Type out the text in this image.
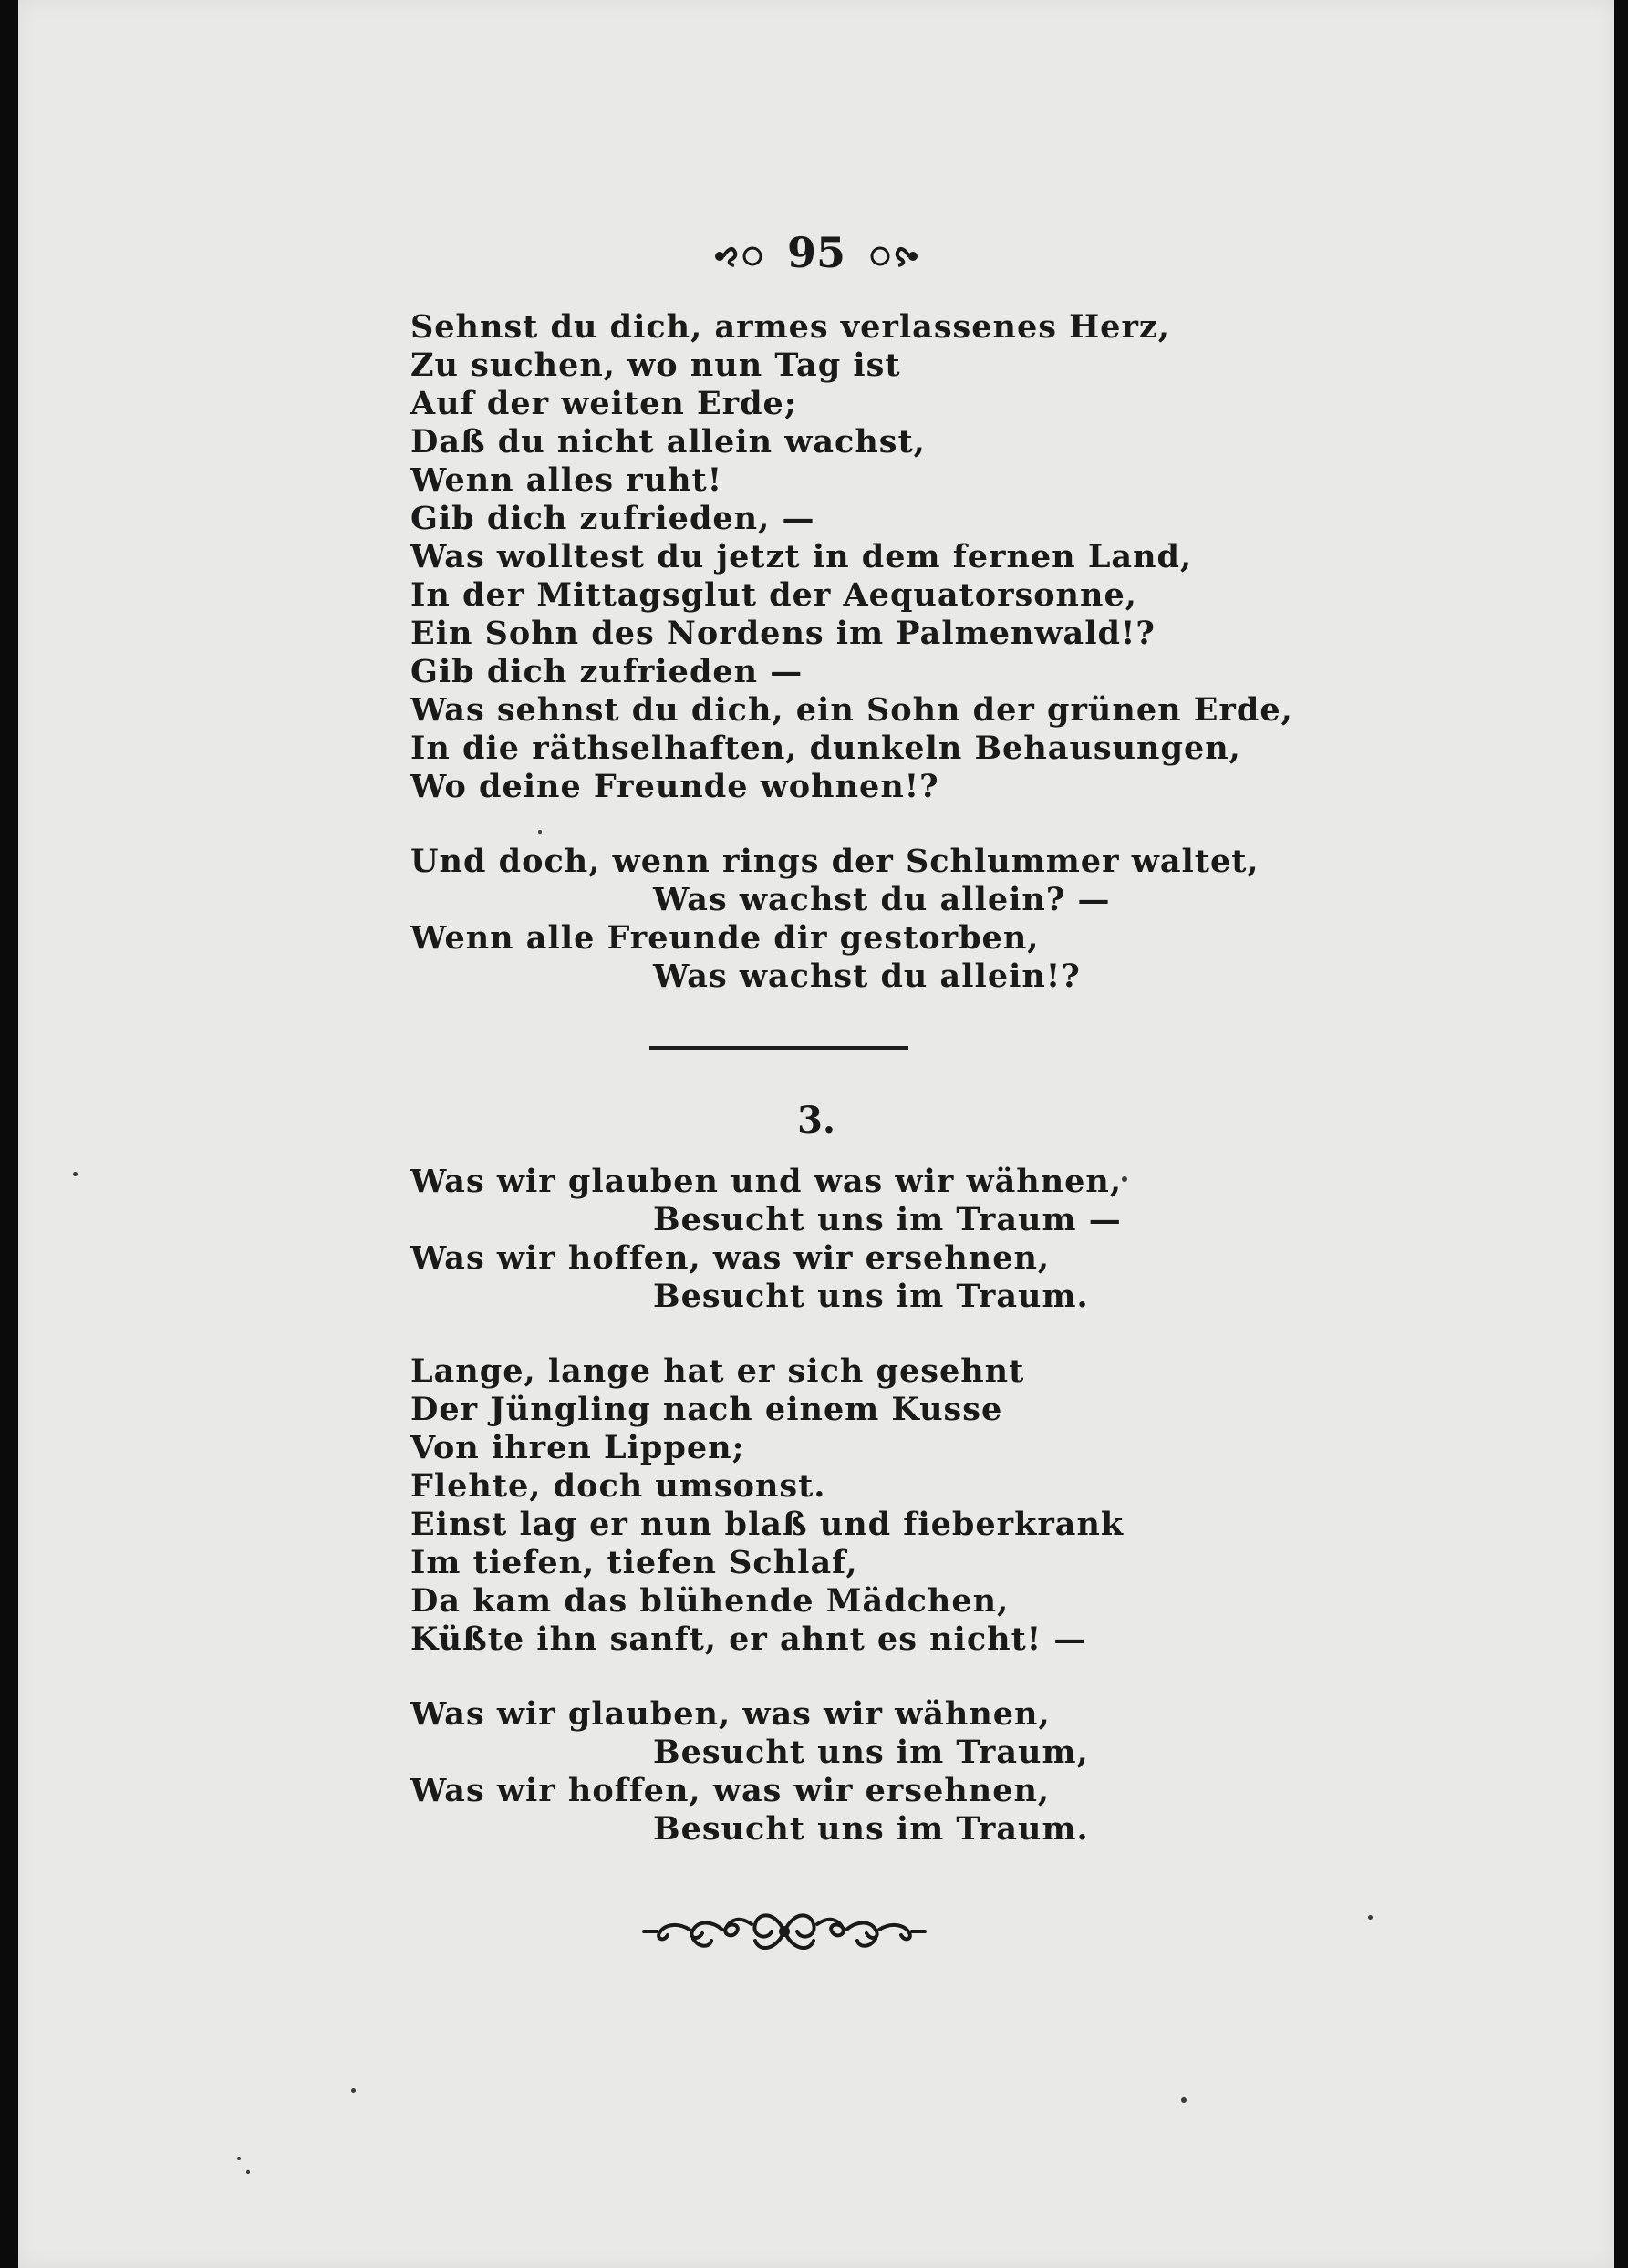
95
Sehnst du dich, armes verlassenes Herz,
Zu suchen, wo nun Tag ist
Auf der weiten Erde;
Daß du nicht allein wachst,
Wenn alles ruht!
Gib dich zufrieden, —
Was wolltest du jetzt in dem fernen Land,
In der Mittagsglut der Aequatorsonne,
Ein Sohn des Nordens im Palmenwald!?
Gib dich zufrieden —
Was sehnst du dich, ein Sohn der grünen Erde,
In die räthselhaften, dunkeln Behausungen,
Wo deine Freunde wohnen!?
Und doch, wenn rings der Schlummer waltet,
Was wachst du allein? —
Wenn alle Freunde dir gestorben,
Was wachst du allein!?
3.
Was wir glauben und was wir wähnen,
Besucht uns im Traum —
Was wir hoffen, was wir ersehnen,
Besucht uns im Traum.
Lange, lange hat er sich gesehnt
Der Jüngling nach einem Kusse
Von ihren Lippen;
Flehte, doch umsonst.
Einst lag er nun blaß und fieberkrank
Im tiefen, tiefen Schlaf,
Da kam das blühende Mädchen,
Küßte ihn sanft, er ahnt es nicht! —
Was wir glauben, was wir wähnen,
Besucht uns im Traum,
Was wir hoffen, was wir ersehnen,
Besucht uns im Traum.
